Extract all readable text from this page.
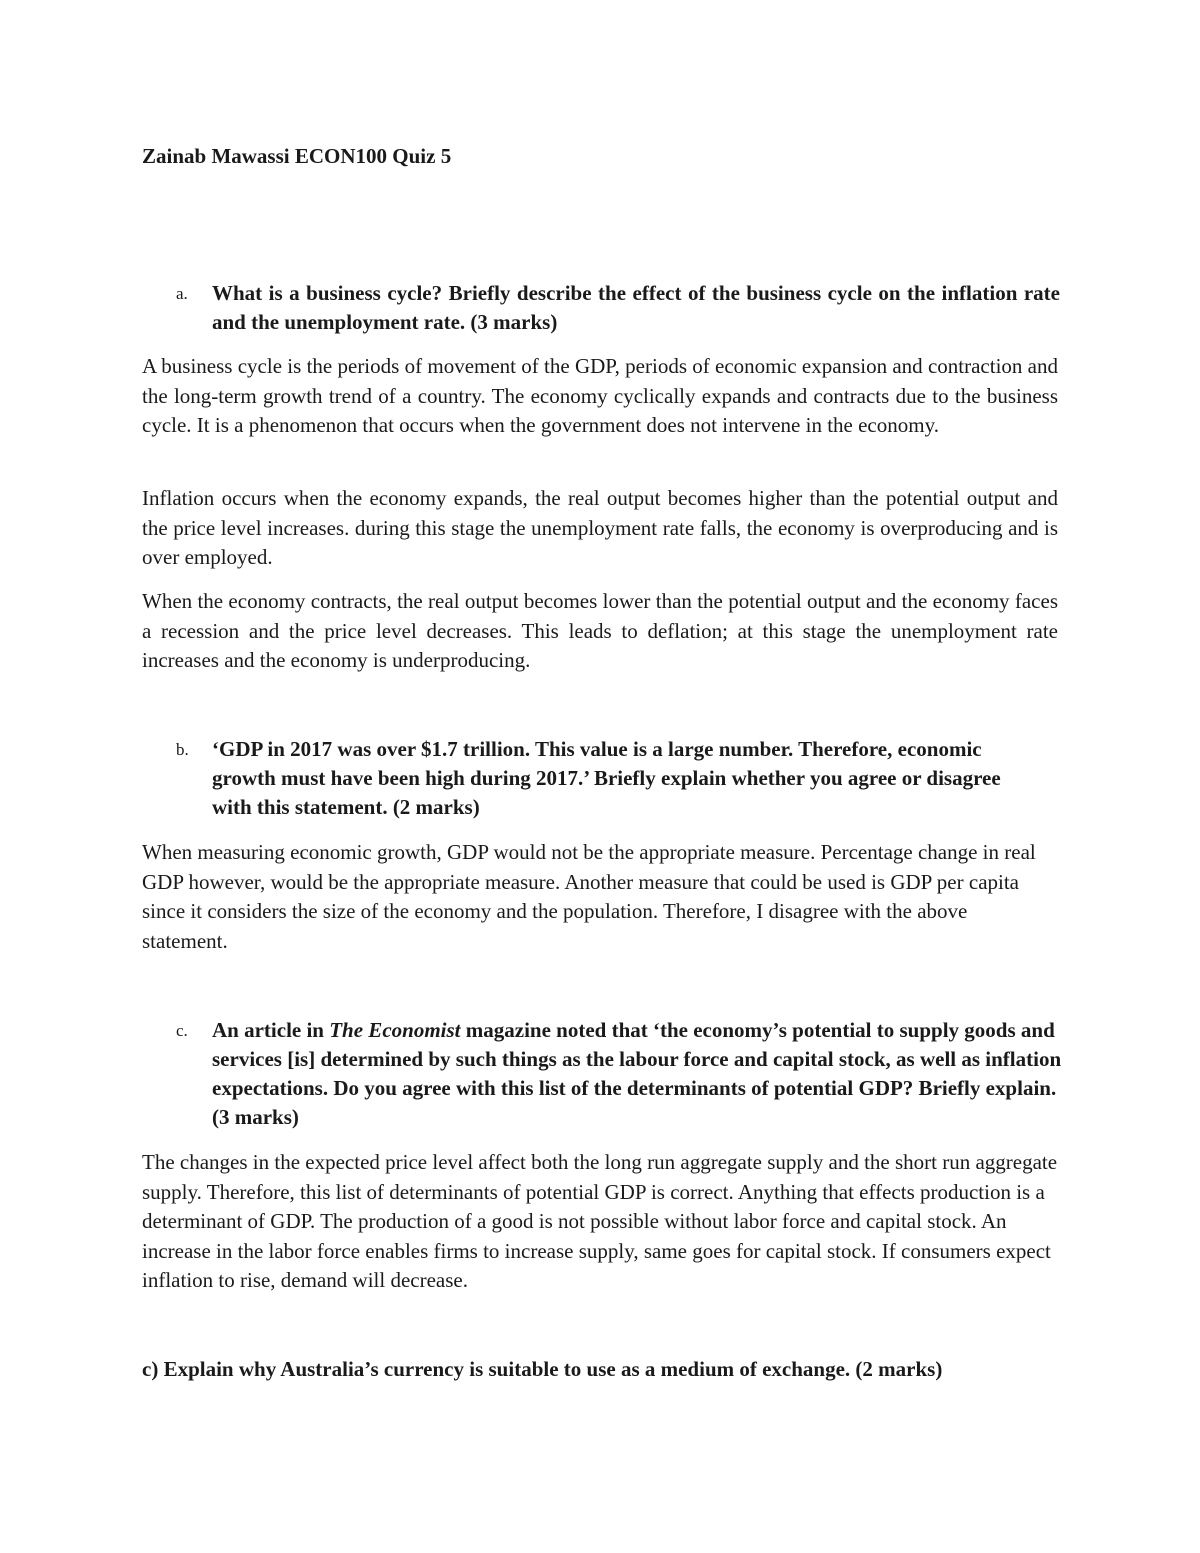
Zainab Mawassi ECON100 Quiz 5
a. What is a business cycle? Briefly describe the effect of the business cycle on the inflation rate and the unemployment rate. (3 marks)

A business cycle is the periods of movement of the GDP, periods of economic expansion and contraction and the long-term growth trend of a country. The economy cyclically expands and contracts due to the business cycle. It is a phenomenon that occurs when the government does not intervene in the economy.

Inflation occurs when the economy expands, the real output becomes higher than the potential output and the price level increases. during this stage the unemployment rate falls, the economy is overproducing and is over employed.

When the economy contracts, the real output becomes lower than the potential output and the economy faces a recession and the price level decreases. This leads to deflation; at this stage the unemployment rate increases and the economy is underproducing.

b. ‘GDP in 2017 was over $1.7 trillion. This value is a large number. Therefore, economic growth must have been high during 2017.’ Briefly explain whether you agree or disagree with this statement. (2 marks)

When measuring economic growth, GDP would not be the appropriate measure. Percentage change in real GDP however, would be the appropriate measure. Another measure that could be used is GDP per capita since it considers the size of the economy and the population. Therefore, I disagree with the above statement.

c. An article in The Economist magazine noted that ‘the economy’s potential to supply goods and services [is] determined by such things as the labour force and capital stock, as well as inflation expectations. Do you agree with this list of the determinants of potential GDP? Briefly explain. (3 marks)

The changes in the expected price level affect both the long run aggregate supply and the short run aggregate supply. Therefore, this list of determinants of potential GDP is correct. Anything that effects production is a determinant of GDP. The production of a good is not possible without labor force and capital stock. An increase in the labor force enables firms to increase supply, same goes for capital stock. If consumers expect inflation to rise, demand will decrease.

c) Explain why Australia’s currency is suitable to use as a medium of exchange. (2 marks)
